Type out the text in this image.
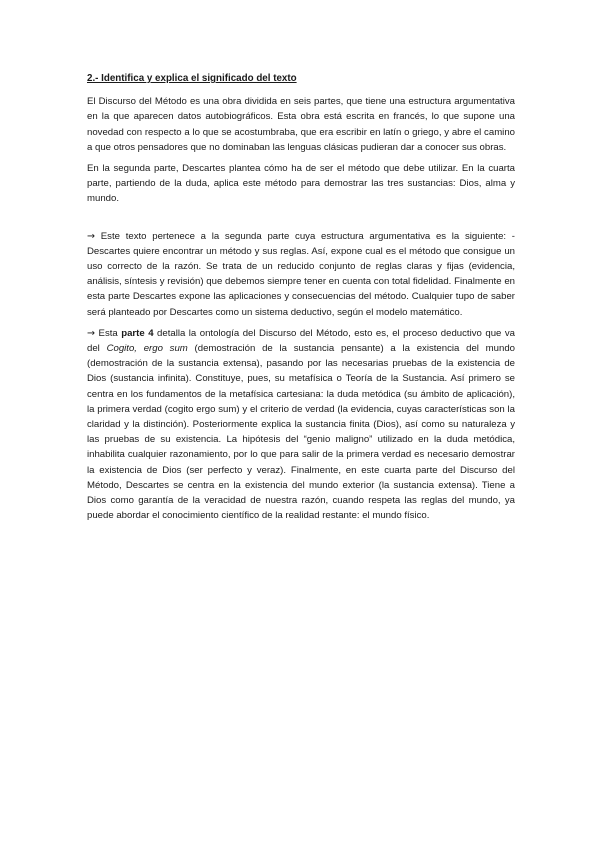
2.- Identifica y explica el significado del texto

El Discurso del Método es una obra dividida en seis partes, que tiene una estructura argumentativa en la que aparecen datos autobiográficos. Esta obra está escrita en francés, lo que supone una novedad con respecto a lo que se acostumbraba, que era escribir en latín o griego, y abre el camino a que otros pensadores que no dominaban las lenguas clásicas pudieran dar a conocer sus obras.

En la segunda parte, Descartes plantea cómo ha de ser el método que debe utilizar. En la cuarta parte, partiendo de la duda, aplica este método para demostrar las tres sustancias: Dios, alma y mundo.

→ Este texto pertenece a la segunda parte cuya estructura argumentativa es la siguiente: - Descartes quiere encontrar un método y sus reglas. Así, expone cual es el método que consigue un uso correcto de la razón. Se trata de un reducido conjunto de reglas claras y fijas (evidencia, análisis, síntesis y revisión) que debemos siempre tener en cuenta con total fidelidad. Finalmente en esta parte Descartes expone las aplicaciones y consecuencias del método. Cualquier tupo de saber será planteado por Descartes como un sistema deductivo, según el modelo matemático.

→ Esta parte 4 detalla la ontología del Discurso del Método, esto es, el proceso deductivo que va del Cogito, ergo sum (demostración de la sustancia pensante) a la existencia del mundo (demostración de la sustancia extensa), pasando por las necesarias pruebas de la existencia de Dios (sustancia infinita). Constituye, pues, su metafísica o Teoría de la Sustancia. Así primero se centra en los fundamentos de la metafísica cartesiana: la duda metódica (su ámbito de aplicación), la primera verdad (cogito ergo sum) y el criterio de verdad (la evidencia, cuyas características son la claridad y la distinción). Posteriormente explica la sustancia finita (Dios), así como su naturaleza y las pruebas de su existencia. La hipótesis del “genio maligno” utilizado en la duda metódica, inhabilita cualquier razonamiento, por lo que para salir de la primera verdad es necesario demostrar la existencia de Dios (ser perfecto y veraz). Finalmente, en este cuarta parte del Discurso del Método, Descartes se centra en la existencia del mundo exterior (la sustancia extensa). Tiene a Dios como garantía de la veracidad de nuestra razón, cuando respeta las reglas del mundo, ya puede abordar el conocimiento científico de la realidad restante: el mundo físico.
